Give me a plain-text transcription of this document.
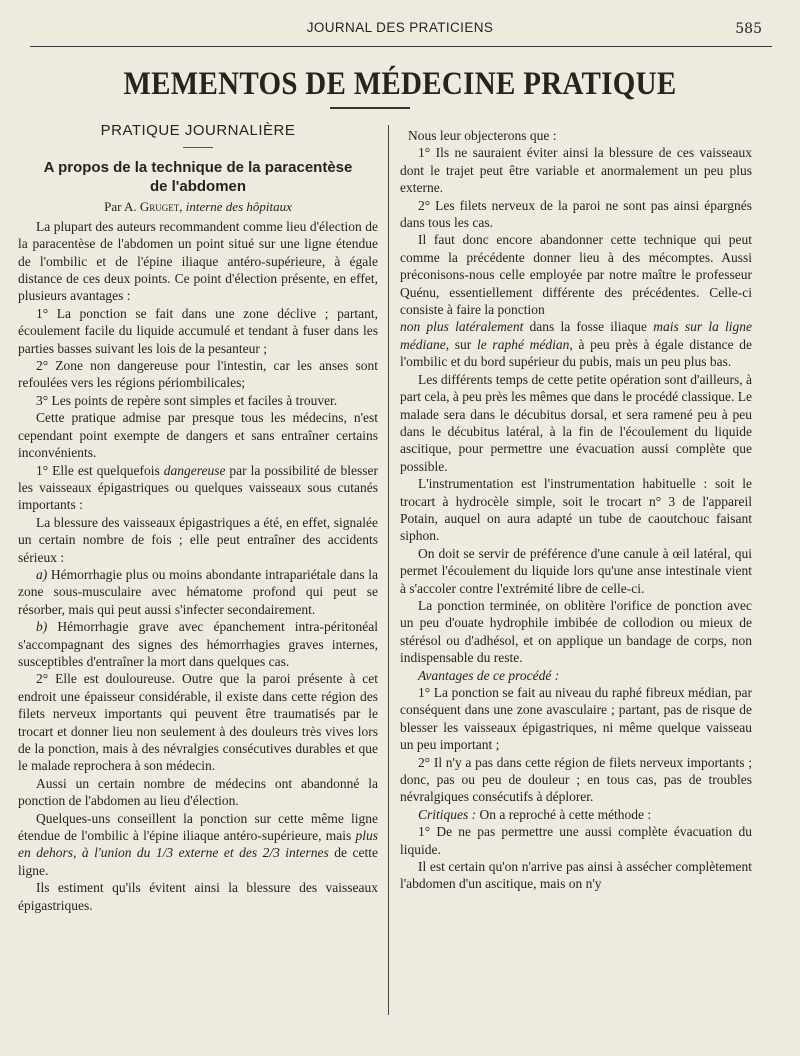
JOURNAL DES PRATICIENS	585
MEMENTOS DE MÉDECINE PRATIQUE
PRATIQUE JOURNALIÈRE
A propos de la technique de la paracentèse
de l'abdomen
Par A. Gruget, interne des hôpitaux

La plupart des auteurs recommandent comme lieu d'élection de la paracentèse de l'abdomen un point situé sur une ligne étendue de l'ombilic et de l'épine iliaque antéro-supérieure, à égale distance de ces deux points. Ce point d'élection présente, en effet, plusieurs avantages :

1° La ponction se fait dans une zone déclive ; partant, écoulement facile du liquide accumulé et tendant à fuser dans les parties basses suivant les lois de la pesanteur ;

2° Zone non dangereuse pour l'intestin, car les anses sont refoulées vers les régions périombilicales;

3° Les points de repère sont simples et faciles à trouver.

Cette pratique admise par presque tous les médecins, n'est cependant point exempte de dangers et sans entraîner certains inconvénients.

1° Elle est quelquefois dangereuse par la possibilité de blesser les vaisseaux épigastriques ou quelques vaisseaux sous cutanés importants :

La blessure des vaisseaux épigastriques a été, en effet, signalée un certain nombre de fois ; elle peut entraîner des accidents sérieux :

a) Hémorrhagie plus ou moins abondante intrapariétale dans la zone sous-musculaire avec hématome profond qui peut se résorber, mais qui peut aussi s'infecter secondairement.

b) Hémorrhagie grave avec épanchement intra-péritonéal s'accompagnant des signes des hémorrhagies graves internes, susceptibles d'entraîner la mort dans quelques cas.

2° Elle est douloureuse. Outre que la paroi présente à cet endroit une épaisseur considérable, il existe dans cette région des filets nerveux importants qui peuvent être traumatisés par le trocart et donner lieu non seulement à des douleurs très vives lors de la ponction, mais à des névralgies consécutives durables et que le malade reprochera à son médecin.

Aussi un certain nombre de médecins ont abandonné la ponction de l'abdomen au lieu d'élection.

Quelques-uns conseillent la ponction sur cette même ligne étendue de l'ombilic à l'épine iliaque antéro-supérieure, mais plus en dehors, à l'union du 1/3 externe et des 2/3 internes de cette ligne.

Ils estiment qu'ils évitent ainsi la blessure des vaisseaux épigastriques.

Nous leur objecterons que :

1° Ils ne sauraient éviter ainsi la blessure de ces vaisseaux dont le trajet peut être variable et anormalement un peu plus externe.

2° Les filets nerveux de la paroi ne sont pas ainsi épargnés dans tous les cas.

Il faut donc encore abandonner cette technique qui peut comme la précédente donner lieu à des mécomptes. Aussi préconisons-nous celle employée par notre maître le professeur Quénu, essentiellement différente des précédentes. Celle-ci consiste à faire la ponction

non plus latéralement dans la fosse iliaque mais sur la ligne médiane, sur le raphé médian, à peu près à égale distance de l'ombilic et du bord supérieur du pubis, mais un peu plus bas.

Les différents temps de cette petite opération sont d'ailleurs, à part cela, à peu près les mêmes que dans le procédé classique. Le malade sera dans le décubitus dorsal, et sera ramené peu à peu dans le décubitus latéral, à la fin de l'écoulement du liquide ascitique, pour permettre une évacuation aussi complète que possible.

L'instrumentation est l'instrumentation habituelle : soit le trocart à hydrocèle simple, soit le trocart n° 3 de l'appareil Potain, auquel on aura adapté un tube de caoutchouc faisant siphon.

On doit se servir de préférence d'une canule à œil latéral, qui permet l'écoulement du liquide lors qu'une anse intestinale vient à s'accoler contre l'extrémité libre de celle-ci.

La ponction terminée, on oblitère l'orifice de ponction avec un peu d'ouate hydrophile imbibée de collodion ou mieux de stérésol ou d'adhésol, et on applique un bandage de corps, non indispensable du reste.

Avantages de ce procédé :

1° La ponction se fait au niveau du raphé fibreux médian, par conséquent dans une zone avasculaire ; partant, pas de risque de blesser les vaisseaux épigastriques, ni même quelque vaisseau un peu important ;

2° Il n'y a pas dans cette région de filets nerveux importants ; donc, pas ou peu de douleur ; en tous cas, pas de troubles névralgiques consécutifs à déplorer.

Critiques : On a reproché à cette méthode :

1° De ne pas permettre une aussi complète évacuation du liquide.

Il est certain qu'on n'arrive pas ainsi à assécher complètement l'abdomen d'un ascitique, mais on n'y
